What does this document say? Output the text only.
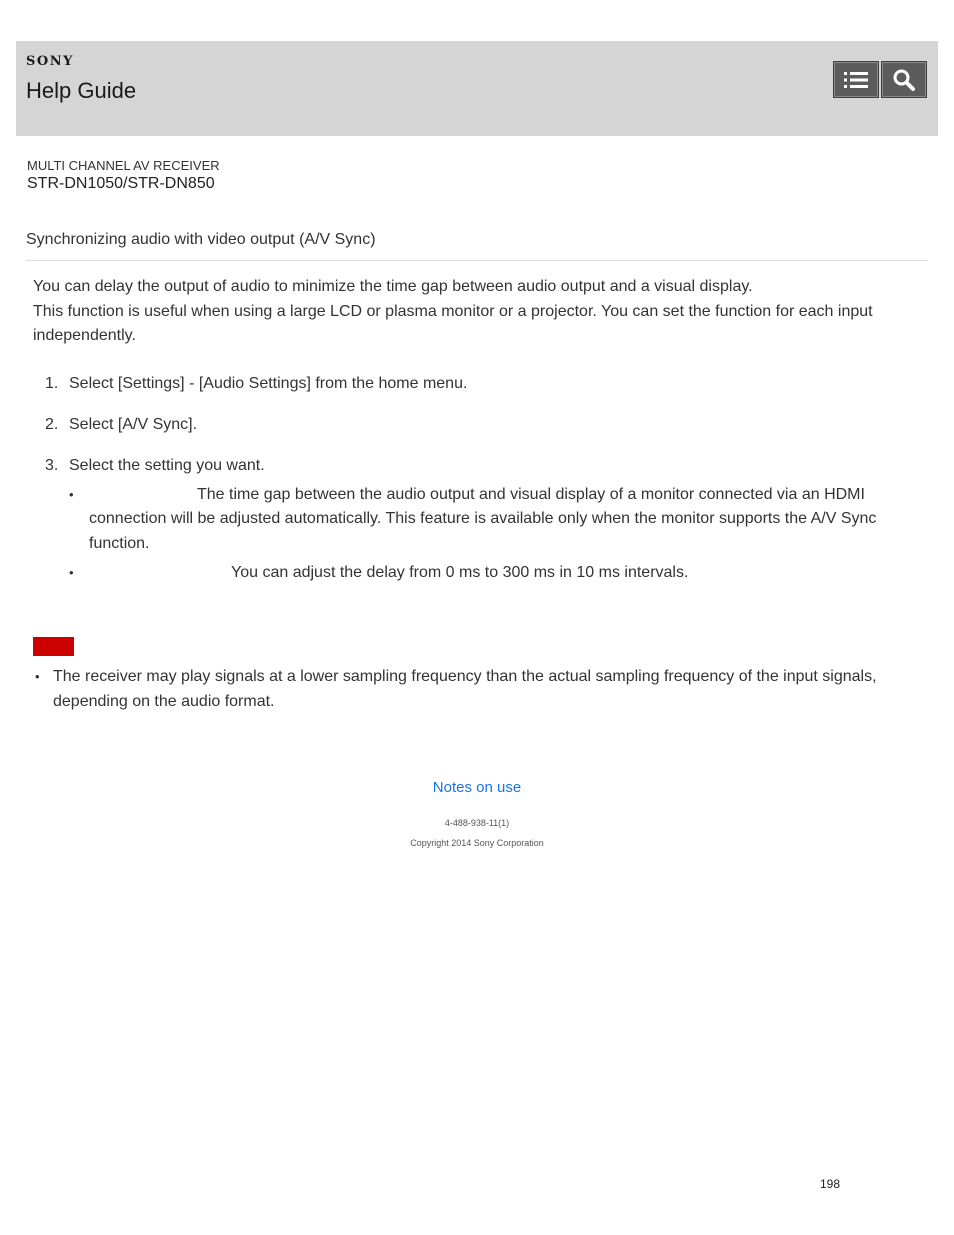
SONY
Help Guide
MULTI CHANNEL AV RECEIVER
STR-DN1050/STR-DN850
Synchronizing audio with video output (A/V Sync)

You can delay the output of audio to minimize the time gap between audio output and a visual display.

This function is useful when using a large LCD or plasma monitor or a projector. You can set the function for each input independently.

1. Select [Settings] - [Audio Settings] from the home menu.
2. Select [A/V Sync].
3. Select the setting you want.
•	The time gap between the audio output and visual display of a monitor connected via an HDMI connection will be adjusted automatically. This feature is available only when the monitor supports the A/V Sync function.
•	You can adjust the delay from 0 ms to 300 ms in 10 ms intervals.
• The receiver may play signals at a lower sampling frequency than the actual sampling frequency of the input signals, depending on the audio format.
Notes on use
4-488-938-11(1)
Copyright 2014 Sony Corporation
198
